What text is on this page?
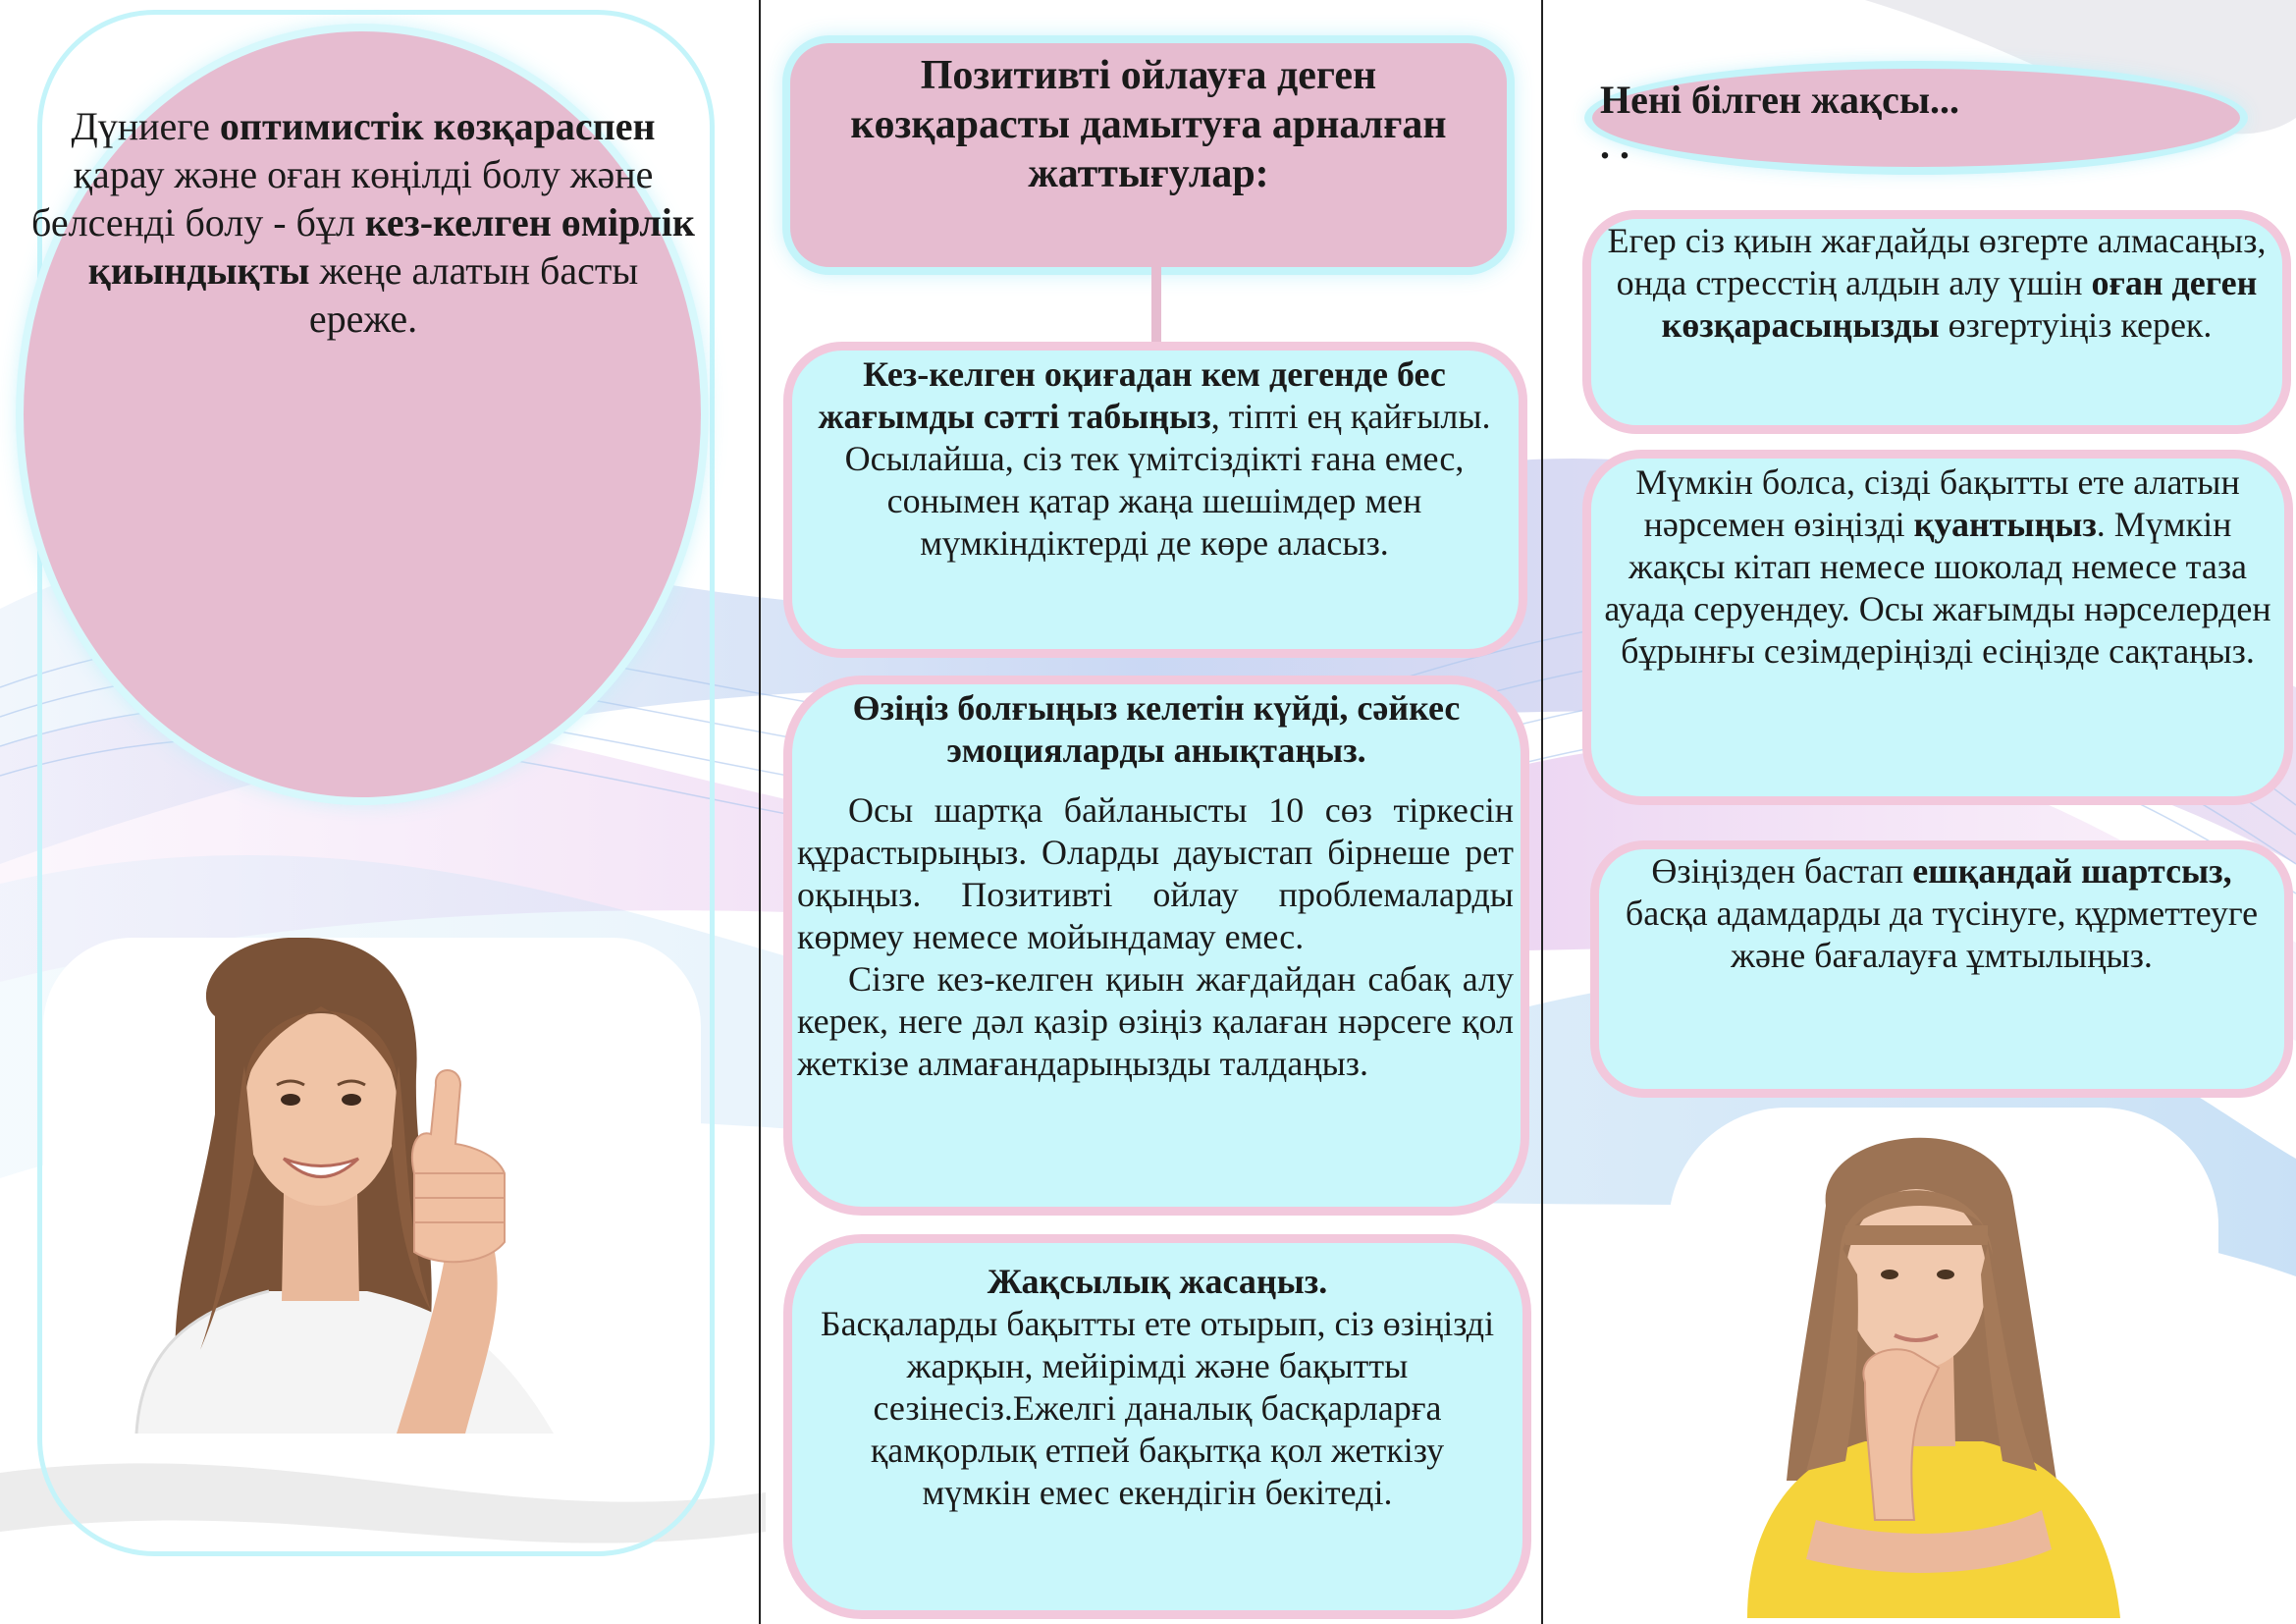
Дүниеге оптимистік көзқараспен қарау және оған көңілді болу және белсенді болу - бұл кез-келген өмірлік қиындықты жеңе алатын басты ереже.

Позитивті ойлауға деген көзқарасты дамытуға арналған жаттығулар:

Кез-келген оқиғадан кем дегенде бес жағымды сәтті табыңыз, тіпті ең қайғылы. Осылайша, сіз тек үмітсіздікті ғана емес, сонымен қатар жаңа шешімдер мен мүмкіндіктерді де көре аласыз.

Өзіңіз болғыңыз келетін күйді, сәйкес эмоцияларды анықтаңыз.

Осы шартқа байланысты 10 сөз тіркесін құрастырыңыз. Оларды дауыстап бірнеше рет оқыңыз. Позитивті ойлау проблемаларды көрмеу немесе мойындамау емес.

Сізге кез-келген қиын жағдайдан сабақ алу керек, неге дәл қазір өзіңіз қалаған нәрсеге қол жеткізе алмағандарыңызды талдаңыз.

Жақсылық жасаңыз.

Басқаларды бақытты ете отырып, сіз өзіңізді жарқын, мейірімді және бақытты сезінесіз.Ежелгі даналық басқарларға қамқорлық етпей бақытқа қол жеткізу мүмкін емес екендігін бекітеді.

Нені білген жақсы...

. .

Егер сіз қиын жағдайды өзгерте алмасаңыз, онда стресстің алдын алу үшін оған деген көзқарасыңызды өзгертуіңіз керек.

Мүмкін болса, сізді бақытты ете алатын нәрсемен өзіңізді қуантыңыз. Мүмкін жақсы кітап немесе шоколад немесе таза ауада серуендеу. Осы жағымды нәрселерден бұрынғы сезімдеріңізді есіңізде сақтаңыз.

Өзіңізден бастап ешқандай шартсыз, басқа адамдарды да түсінуге, құрметтеуге және бағалауға ұмтылыңыз.
